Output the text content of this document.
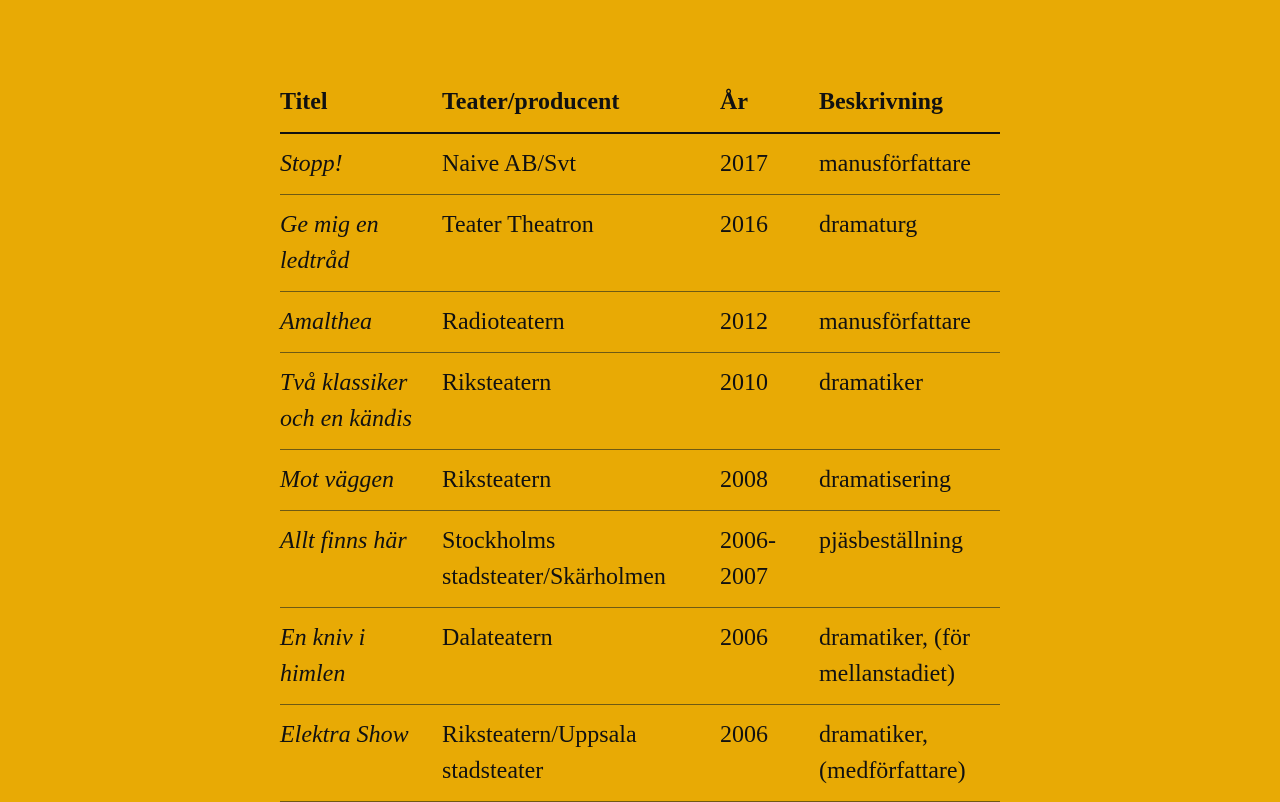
Titel	Teater/producent	År	Beskrivning
Stopp!	Naive AB/Svt	2017	manusförfattare
Ge mig en ledtråd	Teater Theatron	2016	dramaturg
Amalthea	Radioteatern	2012	manusförfattare
Två klassiker och en kändis	Riksteatern	2010	dramatiker
Mot väggen	Riksteatern	2008	dramatisering
Allt finns här	Stockholms stadsteater/Skärholmen	2006-2007	pjäsbeställning
En kniv i himlen	Dalateatern	2006	dramatiker, (för mellanstadiet)
Elektra Show	Riksteatern/Uppsala stadsteater	2006	dramatiker, (medförfattare)
